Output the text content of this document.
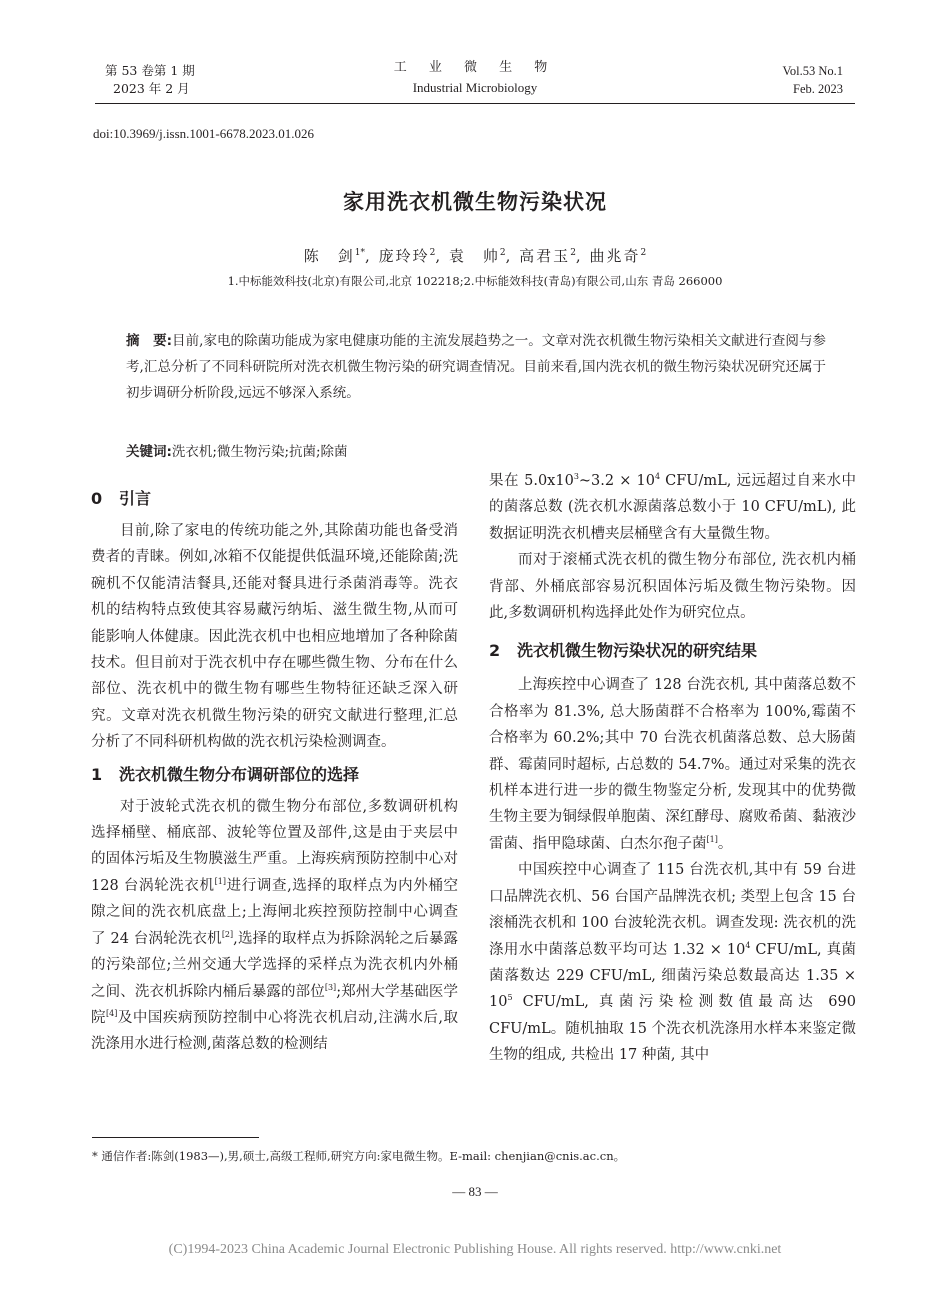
第 53 卷第 1 期
2023 年 2 月
工 业 微 生 物
Industrial Microbiology
Vol.53 No.1
Feb. 2023
doi:10.3969/j.issn.1001-6678.2023.01.026
家用洗衣机微生物污染状况
陈　剑$^{1*}$, 庞玲玲$^2$, 袁　帅$^2$, 高君玉$^2$, 曲兆奇$^2$
1.中标能效科技(北京)有限公司,北京 102218;2.中标能效科技(青岛)有限公司,山东 青岛 266000
摘　要:目前,家电的除菌功能成为家电健康功能的主流发展趋势之一。文章对洗衣机微生物污染相关文献进行查阅与参考,汇总分析了不同科研院所对洗衣机微生物污染的研究调查情况。目前来看,国内洗衣机的微生物污染状况研究还属于初步调研分析阶段,远远不够深入系统。
关键词:洗衣机;微生物污染;抗菌;除菌
0 引言

目前,除了家电的传统功能之外,其除菌功能也备受消费者的青睐。例如,冰箱不仅能提供低温环境,还能除菌;洗碗机不仅能清洁餐具,还能对餐具进行杀菌消毒等。洗衣机的结构特点致使其容易藏污纳垢、滋生微生物,从而可能影响人体健康。因此洗衣机中也相应地增加了各种除菌技术。但目前对于洗衣机中存在哪些微生物、分布在什么部位、洗衣机中的微生物有哪些生物特征还缺乏深入研究。文章对洗衣机微生物污染的研究文献进行整理,汇总分析了不同科研机构做的洗衣机污染检测调查。

1 洗衣机微生物分布调研部位的选择

对于波轮式洗衣机的微生物分布部位,多数调研机构选择桶壁、桶底部、波轮等位置及部件,这是由于夹层中的固体污垢及生物膜滋生严重。上海疾病预防控制中心对 128 台涡轮洗衣机[1]进行调查,选择的取样点为内外桶空隙之间的洗衣机底盘上;上海闸北疾控预防控制中心调查了 24 台涡轮洗衣机[2],选择的取样点为拆除涡轮之后暴露的污染部位;兰州交通大学选择的采样点为洗衣机内外桶之间、洗衣机拆除内桶后暴露的部位[3];郑州大学基础医学院[4]及中国疾病预防控制中心将洗衣机启动,注满水后,取洗涤用水进行检测,菌落总数的检测结

果在 5.0x10$^3$~3.2 × 10$^4$ CFU/mL, 远远超过自来水中的菌落总数 (洗衣机水源菌落总数小于 10 CFU/mL), 此数据证明洗衣机槽夹层桶壁含有大量微生物。

而对于滚桶式洗衣机的微生物分布部位, 洗衣机内桶背部、外桶底部容易沉积固体污垢及微生物污染物。因此,多数调研机构选择此处作为研究位点。

2 洗衣机微生物污染状况的研究结果

上海疾控中心调查了 128 台洗衣机, 其中菌落总数不合格率为 81.3%, 总大肠菌群不合格率为 100%,霉菌不合格率为 60.2%;其中 70 台洗衣机菌落总数、总大肠菌群、霉菌同时超标, 占总数的 54.7%。通过对采集的洗衣机样本进行进一步的微生物鉴定分析, 发现其中的优势微生物主要为铜绿假单胞菌、深红酵母、腐败希菌、黏液沙雷菌、指甲隐球菌、白杰尔孢子菌[1]。

中国疾控中心调查了 115 台洗衣机,其中有 59 台进口品牌洗衣机、56 台国产品牌洗衣机; 类型上包含 15 台滚桶洗衣机和 100 台波轮洗衣机。调查发现: 洗衣机的洗涤用水中菌落总数平均可达 1.32 × 10$^4$ CFU/mL, 真菌菌落数达 229 CFU/mL, 细菌污染总数最高达 1.35 × 10$^5$ CFU/mL, 真菌污染检测数值最高达 690 CFU/mL。随机抽取 15 个洗衣机洗涤用水样本来鉴定微生物的组成, 共检出 17 种菌, 其中

* 通信作者:陈剑(1983—),男,硕士,高级工程师,研究方向:家电微生物。E-mail: chenjian@cnis.ac.cn。
— 83 —
(C)1994-2023 China Academic Journal Electronic Publishing House. All rights reserved. http://www.cnki.net
